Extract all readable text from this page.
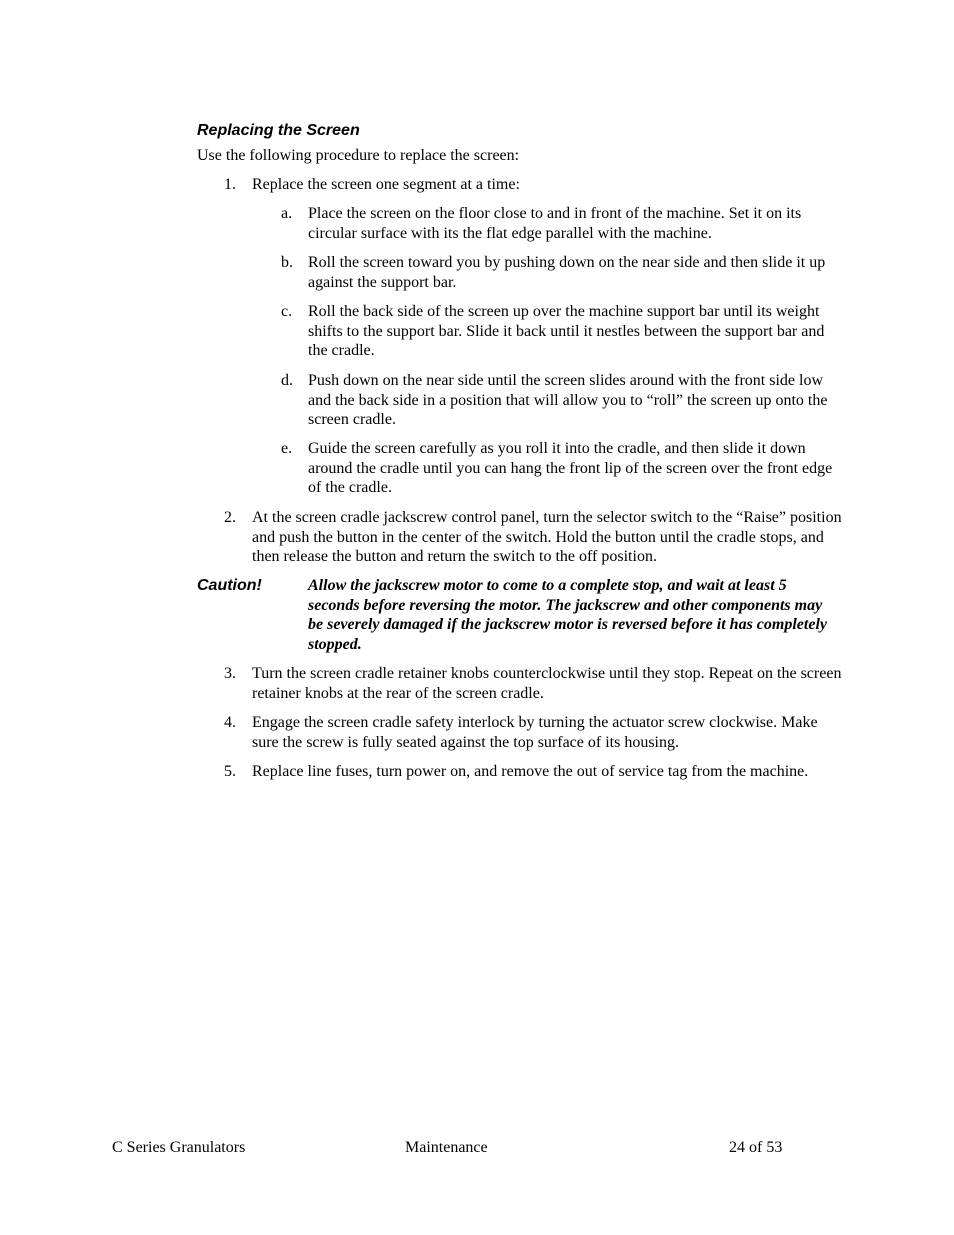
Replacing the Screen

Use the following procedure to replace the screen:

1.	Replace the screen one segment at a time:
a. Place the screen on the floor close to and in front of the machine. Set it on its circular surface with its the flat edge parallel with the machine.
b. Roll the screen toward you by pushing down on the near side and then slide it up against the support bar.
c. Roll the back side of the screen up over the machine support bar until its weight shifts to the support bar. Slide it back until it nestles between the support bar and the cradle.
d. Push down on the near side until the screen slides around with the front side low and the back side in a position that will allow you to “roll” the screen up onto the screen cradle.
e. Guide the screen carefully as you roll it into the cradle, and then slide it down around the cradle until you can hang the front lip of the screen over the front edge of the cradle.
2.	At the screen cradle jackscrew control panel, turn the selector switch to the “Raise” position and push the button in the center of the switch. Hold the button until the cradle stops, and then release the button and return the switch to the off position.
Caution!	Allow the jackscrew motor to come to a complete stop, and wait at least 5 seconds before reversing the motor. The jackscrew and other components may be severely damaged if the jackscrew motor is reversed before it has completely stopped.
3.	Turn the screen cradle retainer knobs counterclockwise until they stop. Repeat on the screen retainer knobs at the rear of the screen cradle.
4.	Engage the screen cradle safety interlock by turning the actuator screw clockwise. Make sure the screw is fully seated against the top surface of its housing.
5.	Replace line fuses, turn power on, and remove the out of service tag from the machine.
C Series Granulators	Maintenance	24 of 53
